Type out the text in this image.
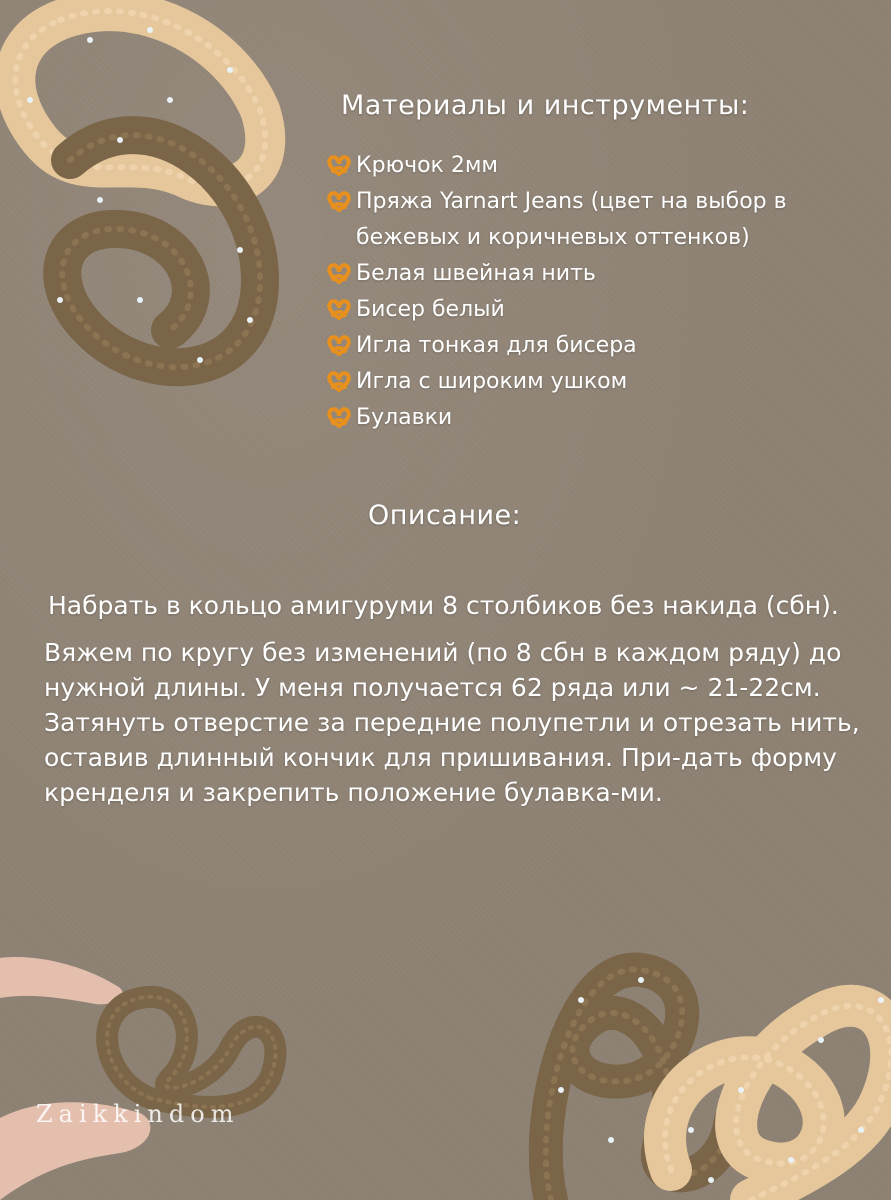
Материалы и инструменты:
Крючок 2мм
Пряжа Yarnart Jeans (цвет на выбор в бежевых и коричневых оттенков)
Белая швейная нить
Бисер белый
Игла тонкая для бисера
Игла с широким ушком
Булавки
Описание:

Набрать в кольцо амигуруми 8 столбиков без накида (сбн).

Вяжем по кругу без изменений (по 8 сбн в каждом ряду) до нужной длины. У меня получается 62 ряда или ~ 21-22см.

Затянуть отверстие за передние полупетли и отрезать нить, оставив длинный кончик для пришивания. При-дать форму кренделя и закрепить положение булавка-ми.

Zaikkindom
